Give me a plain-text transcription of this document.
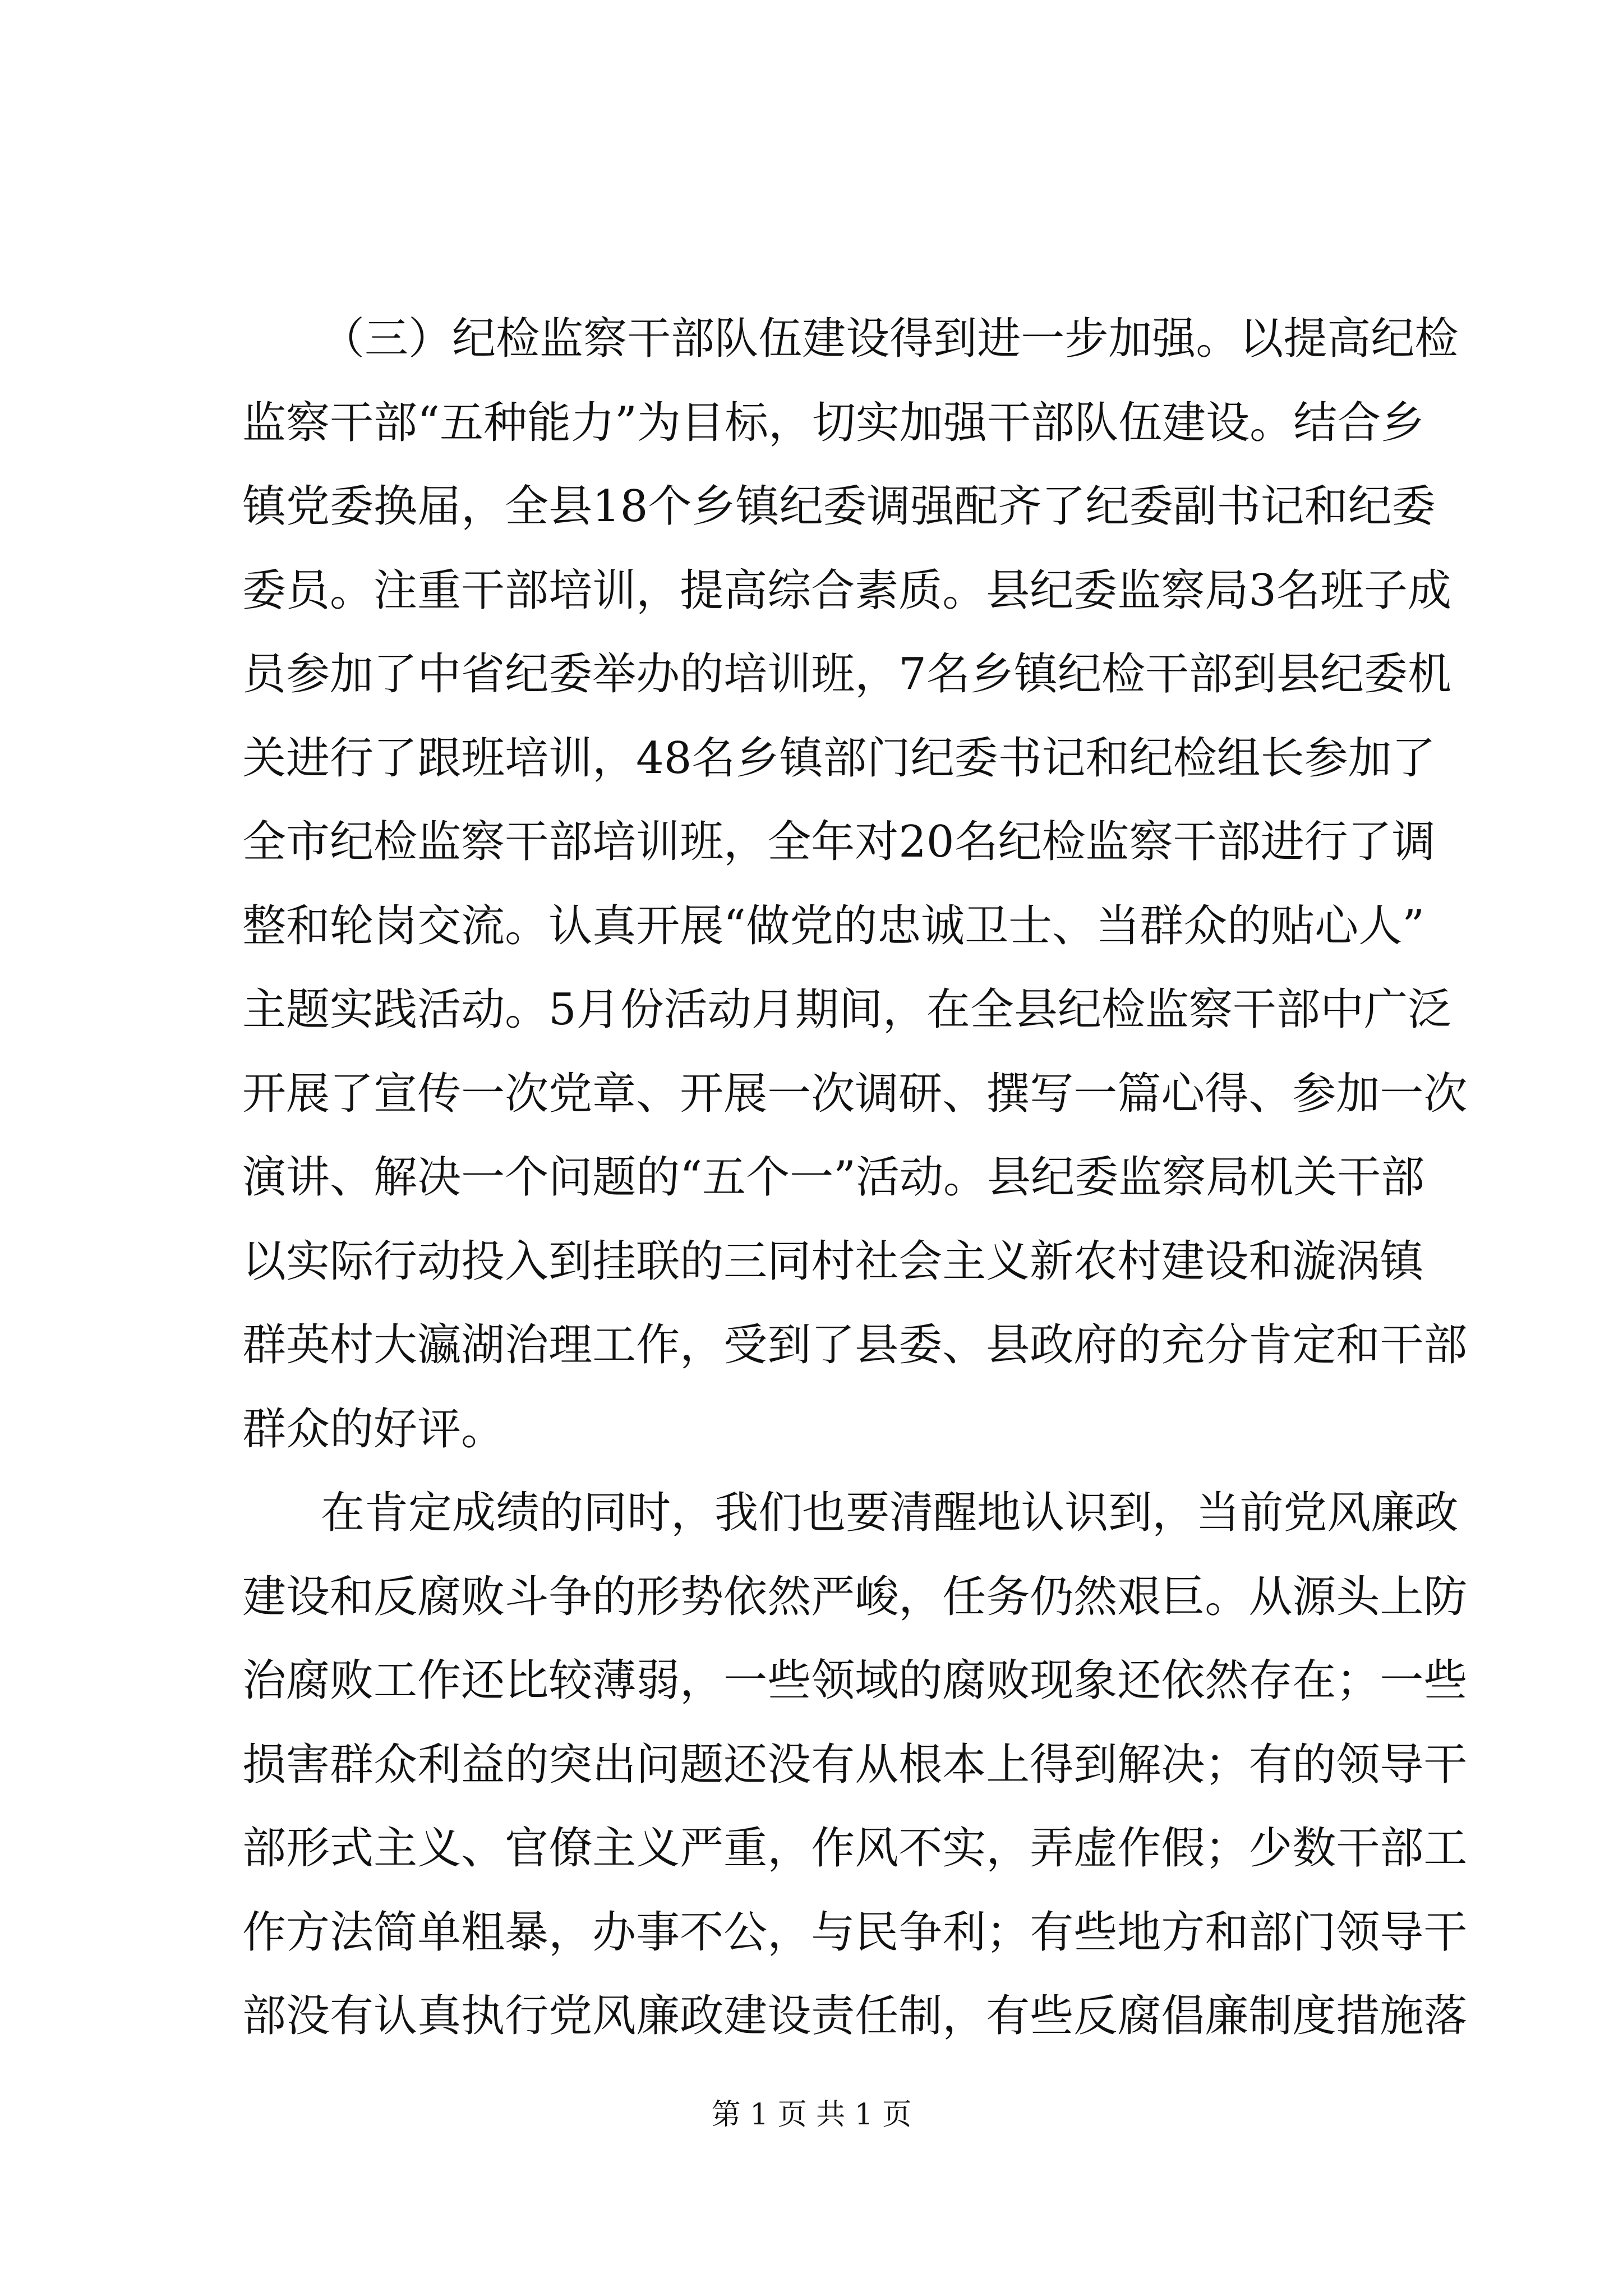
（ 三 ） 纪 检 监 察 干 部 队 伍 建 设 得 到 进 一 步 加 强 。 以 提 高 纪 检
监 察 干 部 “ 五 种 能 力 ” 为 目 标 ， 切 实 加 强 干 部 队 伍 建 设 。 结 合 乡
镇 党 委 换 届 ， 全 县 18 个 乡 镇 纪 委 调 强 配 齐 了 纪 委 副 书 记 和 纪 委
委 员 。 注 重 干 部 培 训 ， 提 高 综 合 素 质 。 县 纪 委 监 察 局 3 名 班 子 成
员 参 加 了 中 省 纪 委 举 办 的 培 训 班 ， 7 名 乡 镇 纪 检 干 部 到 县 纪 委 机
关 进 行 了 跟 班 培 训 ， 48 名 乡 镇 部 门 纪 委 书 记 和 纪 检 组 长 参 加 了
全 市 纪 检 监 察 干 部 培 训 班 ， 全 年 对 20 名 纪 检 监 察 干 部 进 行 了 调
整 和 轮 岗 交 流 。 认 真 开 展 “ 做 党 的 忠 诚 卫 士 、 当 群 众 的 贴 心 人 ”
主 题 实 践 活 动 。 5 月 份 活 动 月 期 间 ， 在 全 县 纪 检 监 察 干 部 中 广 泛
开 展 了 宣 传 一 次 党 章 、 开 展 一 次 调 研 、 撰 写 一 篇 心 得 、 参 加 一 次
演 讲 、 解 决 一 个 问 题 的 “ 五 个 一 ” 活 动 。 县 纪 委 监 察 局 机 关 干 部
以 实 际 行 动 投 入 到 挂 联 的 三 同 村 社 会 主 义 新 农 村 建 设 和 漩 涡 镇
群 英 村 大 瀛 湖 治 理 工 作 ， 受 到 了 县 委 、 县 政 府 的 充 分 肯 定 和 干 部
群众的好评。
在 肯 定 成 绩 的 同 时 ， 我 们 也 要 清 醒 地 认 识 到 ， 当 前 党 风 廉 政
建 设 和 反 腐 败 斗 争 的 形 势 依 然 严 峻 ， 任 务 仍 然 艰 巨 。 从 源 头 上 防
治 腐 败 工 作 还 比 较 薄 弱 ， 一 些 领 域 的 腐 败 现 象 还 依 然 存 在 ； 一 些
损 害 群 众 利 益 的 突 出 问 题 还 没 有 从 根 本 上 得 到 解 决 ； 有 的 领 导 干
部 形 式 主 义 、 官 僚 主 义 严 重 ， 作 风 不 实 ， 弄 虚 作 假 ； 少 数 干 部 工
作 方 法 简 单 粗 暴 ， 办 事 不 公 ， 与 民 争 利 ； 有 些 地 方 和 部 门 领 导 干
部 没 有 认 真 执 行 党 风 廉 政 建 设 责 任 制 ， 有 些 反 腐 倡 廉 制 度 措 施 落
第 1 页 共 1 页
